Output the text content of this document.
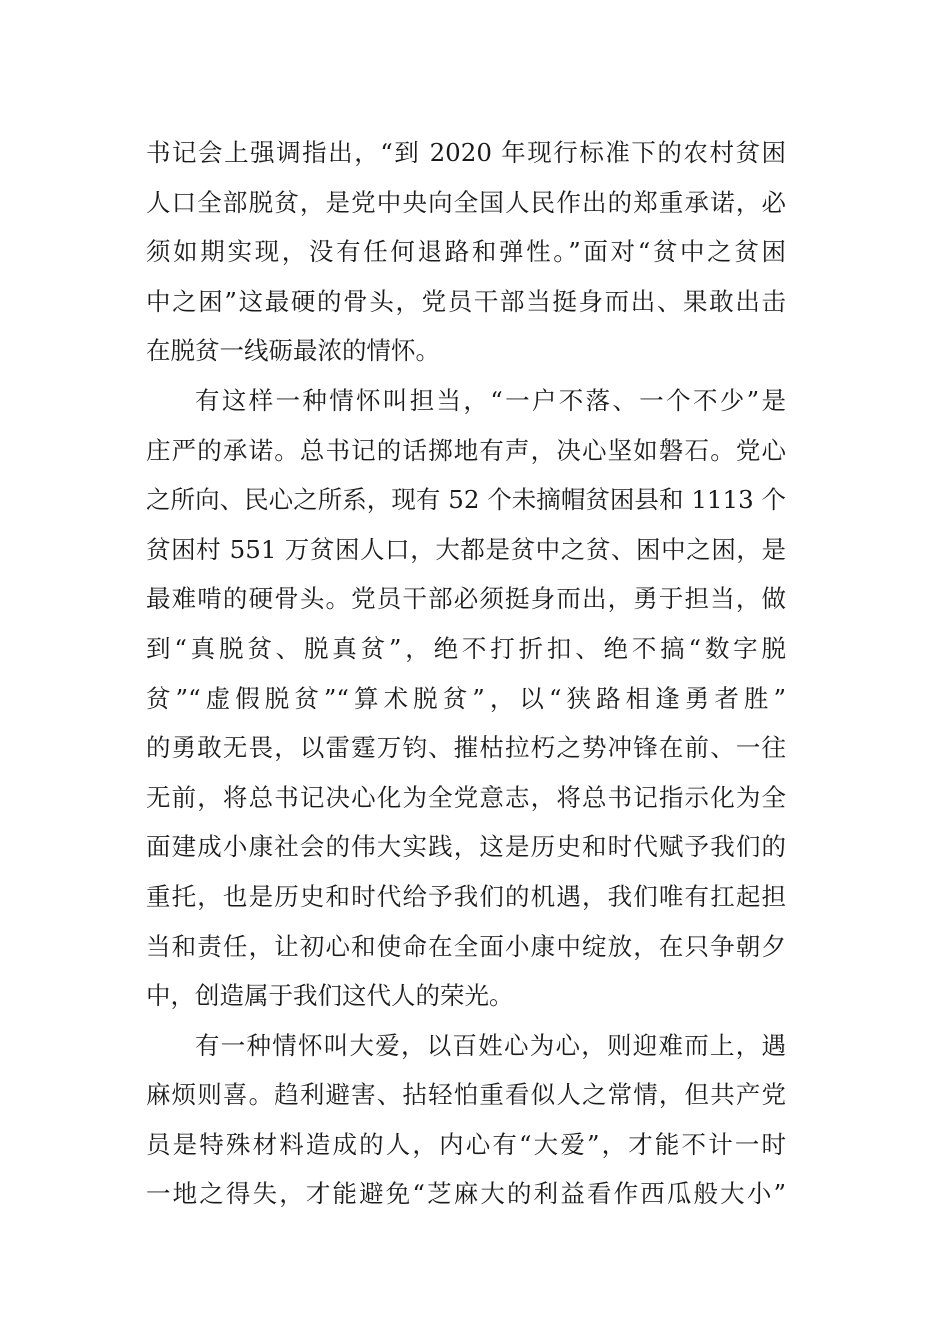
书记会上强调指出，“到 2020 年现行标准下的农村贫困
人口全部脱贫，是党中央向全国人民作出的郑重承诺，必
须如期实现，没有任何退路和弹性。”面对“贫中之贫困
中之困”这最硬的骨头，党员干部当挺身而出、果敢出击
在脱贫一线砺最浓的情怀。
有这样一种情怀叫担当，“一户不落、一个不少”是
庄严的承诺。总书记的话掷地有声，决心坚如磐石。党心
之所向、民心之所系，现有 52 个未摘帽贫困县和 1113 个
贫困村 551 万贫困人口，大都是贫中之贫、困中之困，是
最难啃的硬骨头。党员干部必须挺身而出，勇于担当，做
到“真脱贫、脱真贫”，绝不打折扣、绝不搞“数字脱
贫”“虚假脱贫”“算术脱贫”，以“狭路相逢勇者胜”
的勇敢无畏，以雷霆万钧、摧枯拉朽之势冲锋在前、一往
无前，将总书记决心化为全党意志，将总书记指示化为全
面建成小康社会的伟大实践，这是历史和时代赋予我们的
重托，也是历史和时代给予我们的机遇，我们唯有扛起担
当和责任，让初心和使命在全面小康中绽放，在只争朝夕
中，创造属于我们这代人的荣光。
有一种情怀叫大爱，以百姓心为心，则迎难而上，遇
麻烦则喜。趋利避害、拈轻怕重看似人之常情，但共产党
员是特殊材料造成的人，内心有“大爱”，才能不计一时
一地之得失，才能避免“芝麻大的利益看作西瓜般大小”
